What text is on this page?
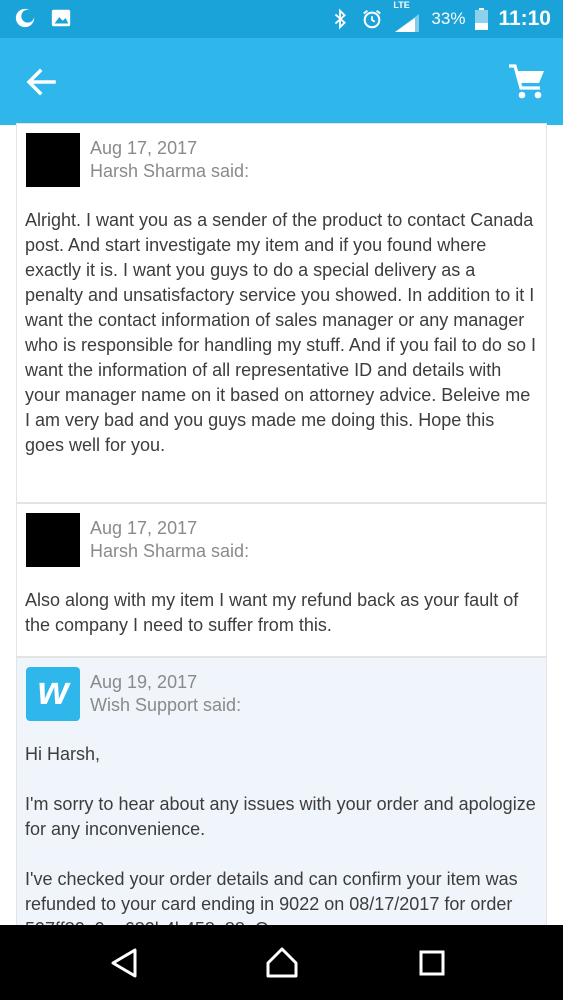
LTE
33% 11:10
Aug 17, 2017
Harsh Sharma said:

Alright. I want you as a sender of the product to contact Canada post. And start investigate my item and if you found where exactly it is. I want you guys to do a special delivery as a penalty and unsatisfactory service you showed. In addition to it I want the contact information of sales manager or any manager who is responsible for handling my stuff. And if you fail to do so I want the information of all representative ID and details with your manager name on it based on attorney advice. Beleive me I am very bad and you guys made me doing this. Hope this goes well for you.

Aug 17, 2017
Harsh Sharma said:

Also along with my item I want my refund back as your fault of the company I need to suffer from this.

w Aug 19, 2017
Wish Support said:

Hi Harsh,

I'm sorry to hear about any issues with your order and apologize for any inconvenience.

I've checked your order details and can confirm your item was refunded to your card ending in 9022 on 08/17/2017 for order
